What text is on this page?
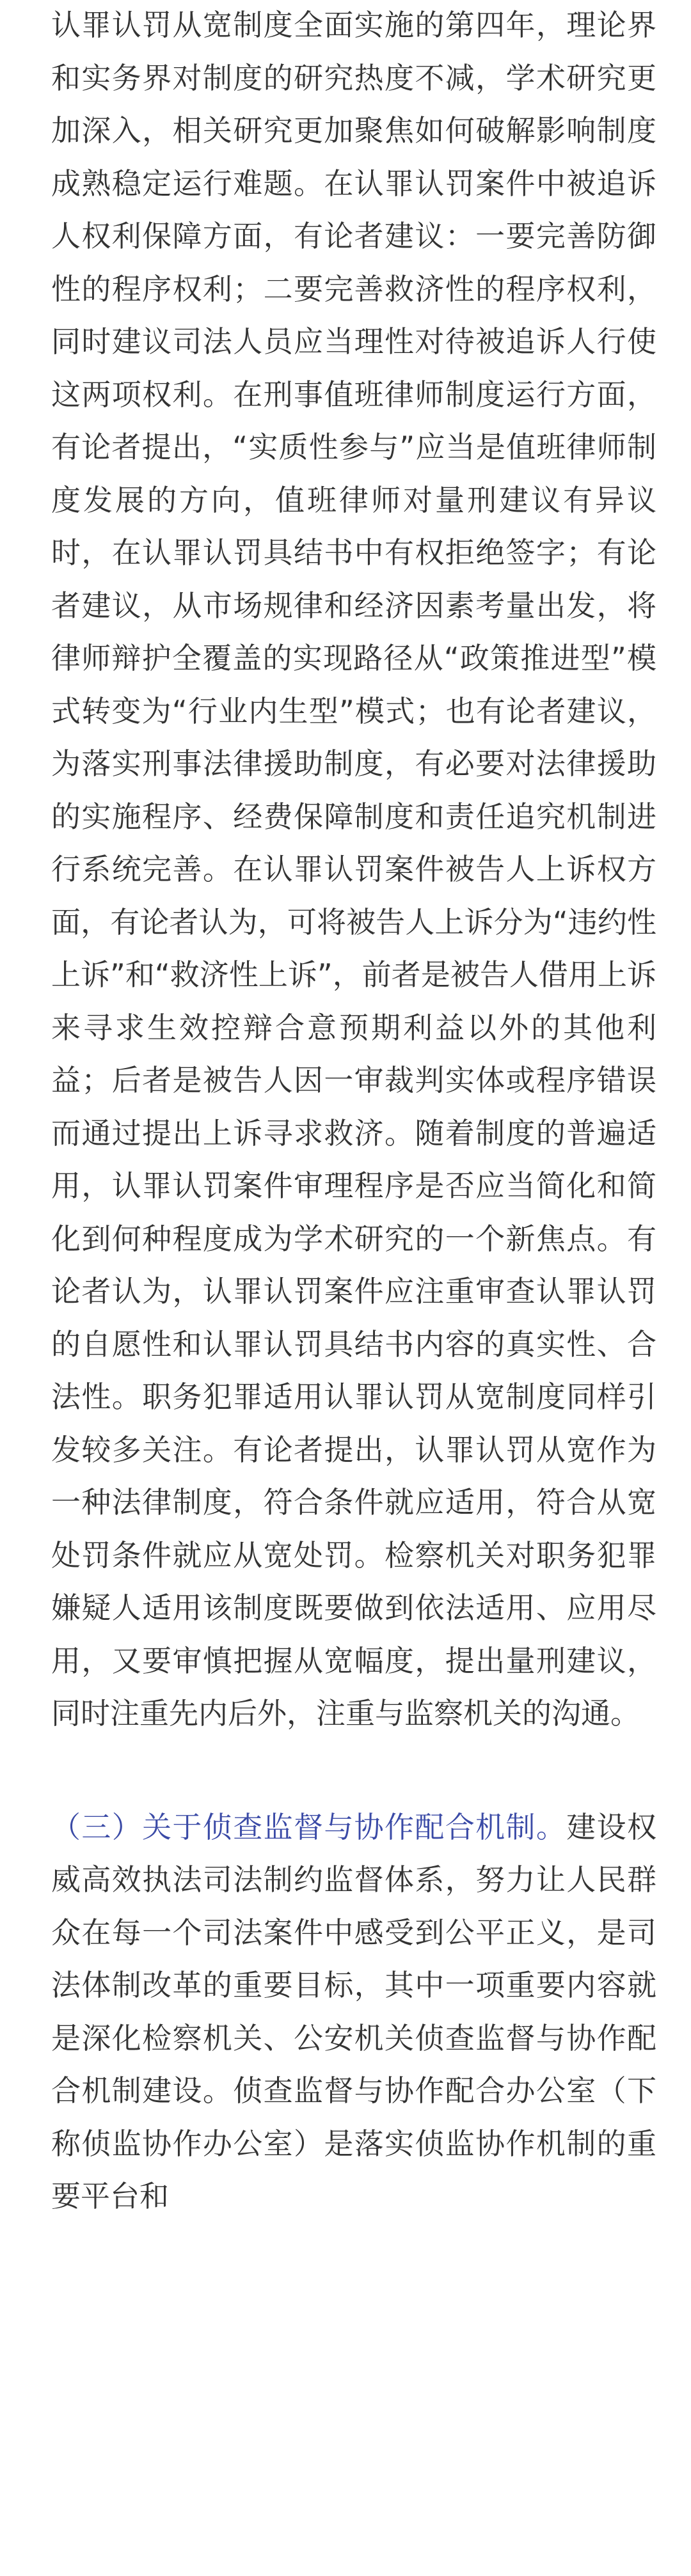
认罪认罚从宽制度全面实施的第四年，理论界和实务界对制度的研究热度不减，学术研究更加深入，相关研究更加聚焦如何破解影响制度成熟稳定运行难题。在认罪认罚案件中被追诉人权利保障方面，有论者建议：一要完善防御性的程序权利；二要完善救济性的程序权利，同时建议司法人员应当理性对待被追诉人行使这两项权利。在刑事值班律师制度运行方面，有论者提出，“实质性参与”应当是值班律师制度发展的方向，值班律师对量刑建议有异议时，在认罪认罚具结书中有权拒绝签字；有论者建议，从市场规律和经济因素考量出发，将律师辩护全覆盖的实现路径从“政策推进型”模式转变为“行业内生型”模式；也有论者建议，为落实刑事法律援助制度，有必要对法律援助的实施程序、经费保障制度和责任追究机制进行系统完善。在认罪认罚案件被告人上诉权方面，有论者认为，可将被告人上诉分为“违约性上诉”和“救济性上诉”，前者是被告人借用上诉来寻求生效控辩合意预期利益以外的其他利益；后者是被告人因一审裁判实体或程序错误而通过提出上诉寻求救济。随着制度的普遍适用，认罪认罚案件审理程序是否应当简化和简化到何种程度成为学术研究的一个新焦点。有论者认为，认罪认罚案件应注重审查认罪认罚的自愿性和认罪认罚具结书内容的真实性、合法性。职务犯罪适用认罪认罚从宽制度同样引发较多关注。有论者提出，认罪认罚从宽作为一种法律制度，符合条件就应适用，符合从宽处罚条件就应从宽处罚。检察机关对职务犯罪嫌疑人适用该制度既要做到依法适用、应用尽用，又要审慎把握从宽幅度，提出量刑建议，同时注重先内后外，注重与监察机关的沟通。

（三）关于侦查监督与协作配合机制。建设权威高效执法司法制约监督体系，努力让人民群众在每一个司法案件中感受到公平正义，是司法体制改革的重要目标，其中一项重要内容就是深化检察机关、公安机关侦查监督与协作配合机制建设。侦查监督与协作配合办公室（下称侦监协作办公室）是落实侦监协作机制的重要平台和
